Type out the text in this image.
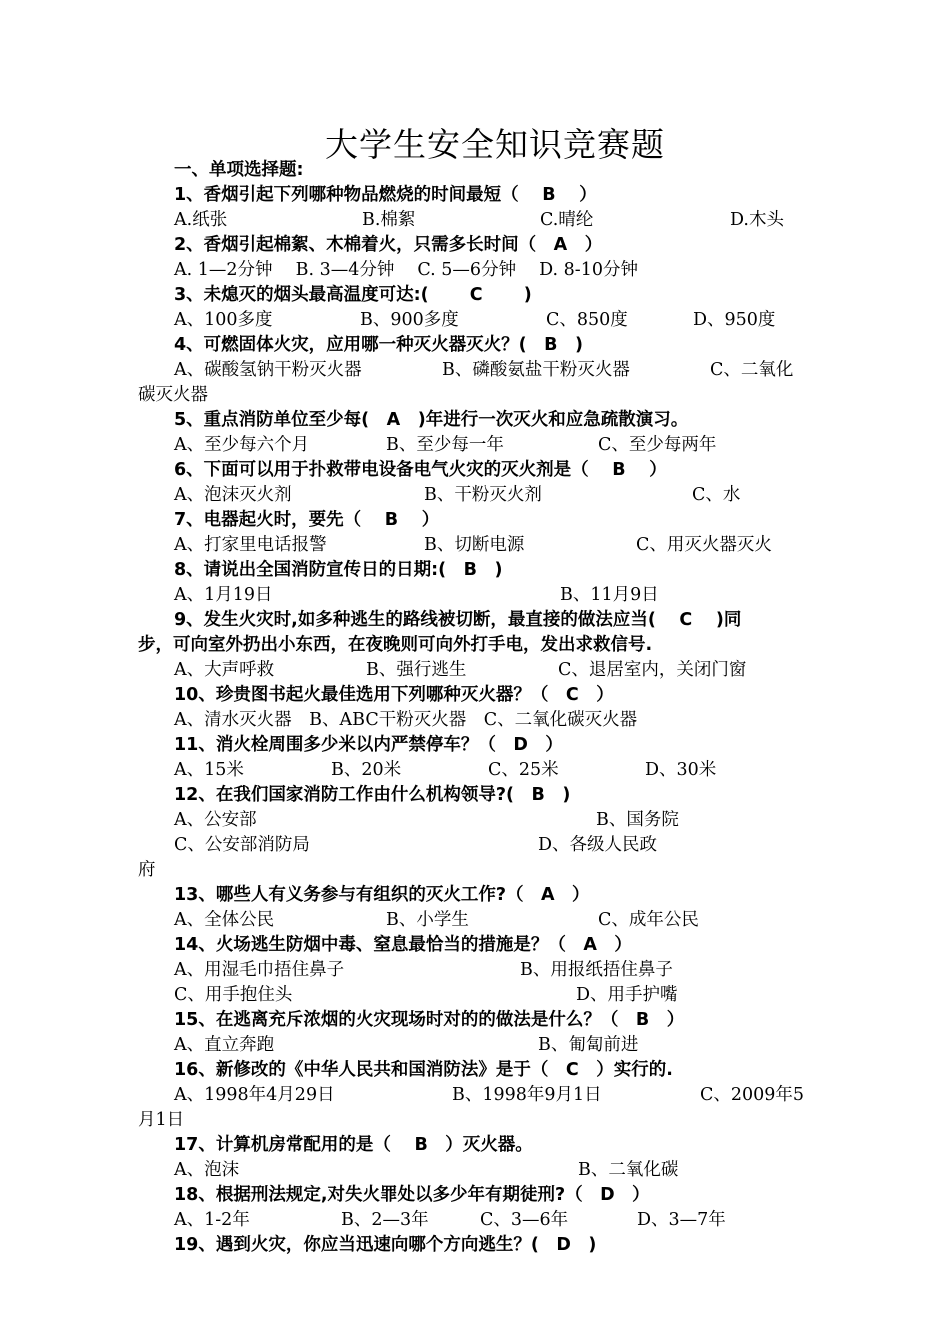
大学生安全知识竞赛题
一、单项选择题:
1、香烟引起下列哪种物品燃烧的时间最短（　 B　 ）
A.纸张	B.棉絮	C.晴纶	D.木头
2、香烟引起棉絮、木棉着火，只需多长时间（　A　）
A. 1—2分钟　 B. 3—4分钟　 C. 5—6分钟　 D. 8-10分钟
3、未熄灭的烟头最高温度可达:(　　 C　　 )
A、100多度	B、900多度	C、850度	D、950度
4、可燃固体火灾，应用哪一种灭火器灭火？(　B　)
A、碳酸氢钠干粉灭火器	B、磷酸氨盐干粉灭火器	C、二氧化
碳灭火器
5、重点消防单位至少每(　A　)年进行一次灭火和应急疏散演习。
A、至少每六个月	B、至少每一年	C、至少每两年
6、下面可以用于扑救带电设备电气火灾的灭火剂是（　 B　 ）
A、泡沫灭火剂	B、干粉灭火剂	C、水
7、电器起火时，要先（　 B　 ）
A、打家里电话报警	B、切断电源	C、用灭火器灭火
8、请说出全国消防宣传日的日期:(　B　)
A、1月19日	B、11月9日
9、发生火灾时,如多种逃生的路线被切断，最直接的做法应当(　 C　 )同
步，可向室外扔出小东西，在夜晚则可向外打手电，发出求救信号.
A、大声呼救	B、强行逃生	C、退居室内，关闭门窗
10、珍贵图书起火最佳选用下列哪种灭火器？（　C　）
A、清水灭火器　B、ABC干粉灭火器　C、二氧化碳灭火器
11、消火栓周围多少米以内严禁停车？（　D　）
A、15米	B、20米	C、25米	D、30米
12、在我们国家消防工作由什么机构领导?(　B　)
A、公安部	B、国务院
C、公安部消防局	D、各级人民政
府
13、哪些人有义务参与有组织的灭火工作?（　A　）
A、全体公民	B、小学生	C、成年公民
14、火场逃生防烟中毒、窒息最恰当的措施是？（　A　）
A、用湿毛巾捂住鼻子	B、用报纸捂住鼻子
C、用手抱住头	D、用手护嘴
15、在逃离充斥浓烟的火灾现场时对的的做法是什么？（　B　）
A、直立奔跑	B、匍匐前进
16、新修改的《中华人民共和国消防法》是于（　C　）实行的.
A、1998年4月29日	B、1998年9月1日	C、2009年5
月1日
17、计算机房常配用的是（　 B　）灭火器。
A、泡沫	B、二氧化碳
18、根据刑法规定,对失火罪处以多少年有期徒刑?（　D　）
A、1-2年	B、2—3年	C、3—6年	D、3—7年
19、遇到火灾，你应当迅速向哪个方向逃生？(　D　)
